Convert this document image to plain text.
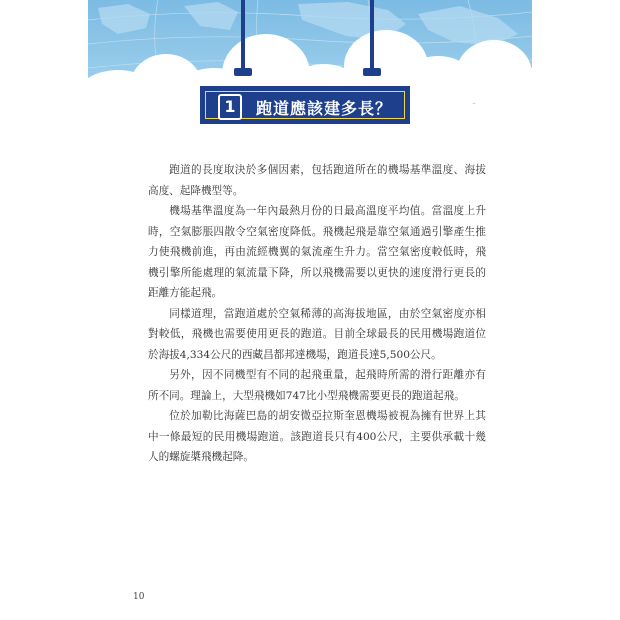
1	跑道應該建多長？

跑道的長度取決於多個因素，包括跑道所在的機場基準溫度、海拔高度、起降機型等。

機場基準溫度為一年內最熱月份的日最高溫度平均值。當溫度上升時，空氣膨脹四散令空氣密度降低。飛機起飛是靠空氣通過引擎產生推力使飛機前進，再由流經機翼的氣流產生升力。當空氣密度較低時，飛機引擎所能處理的氣流量下降，所以飛機需要以更快的速度滑行更長的距離方能起飛。

同樣道理，當跑道處於空氣稀薄的高海拔地區，由於空氣密度亦相對較低，飛機也需要使用更長的跑道。目前全球最長的民用機場跑道位於海拔4,334公尺的西藏昌都邦達機場，跑道長達5,500公尺。

另外，因不同機型有不同的起飛重量，起飛時所需的滑行距離亦有所不同。理論上，大型飛機如747比小型飛機需要更長的跑道起飛。

位於加勒比海薩巴島的胡安微亞拉斯奎恩機場被視為擁有世界上其中一條最短的民用機場跑道。該跑道長只有400公尺，主要供承載十幾人的螺旋槳飛機起降。

10
